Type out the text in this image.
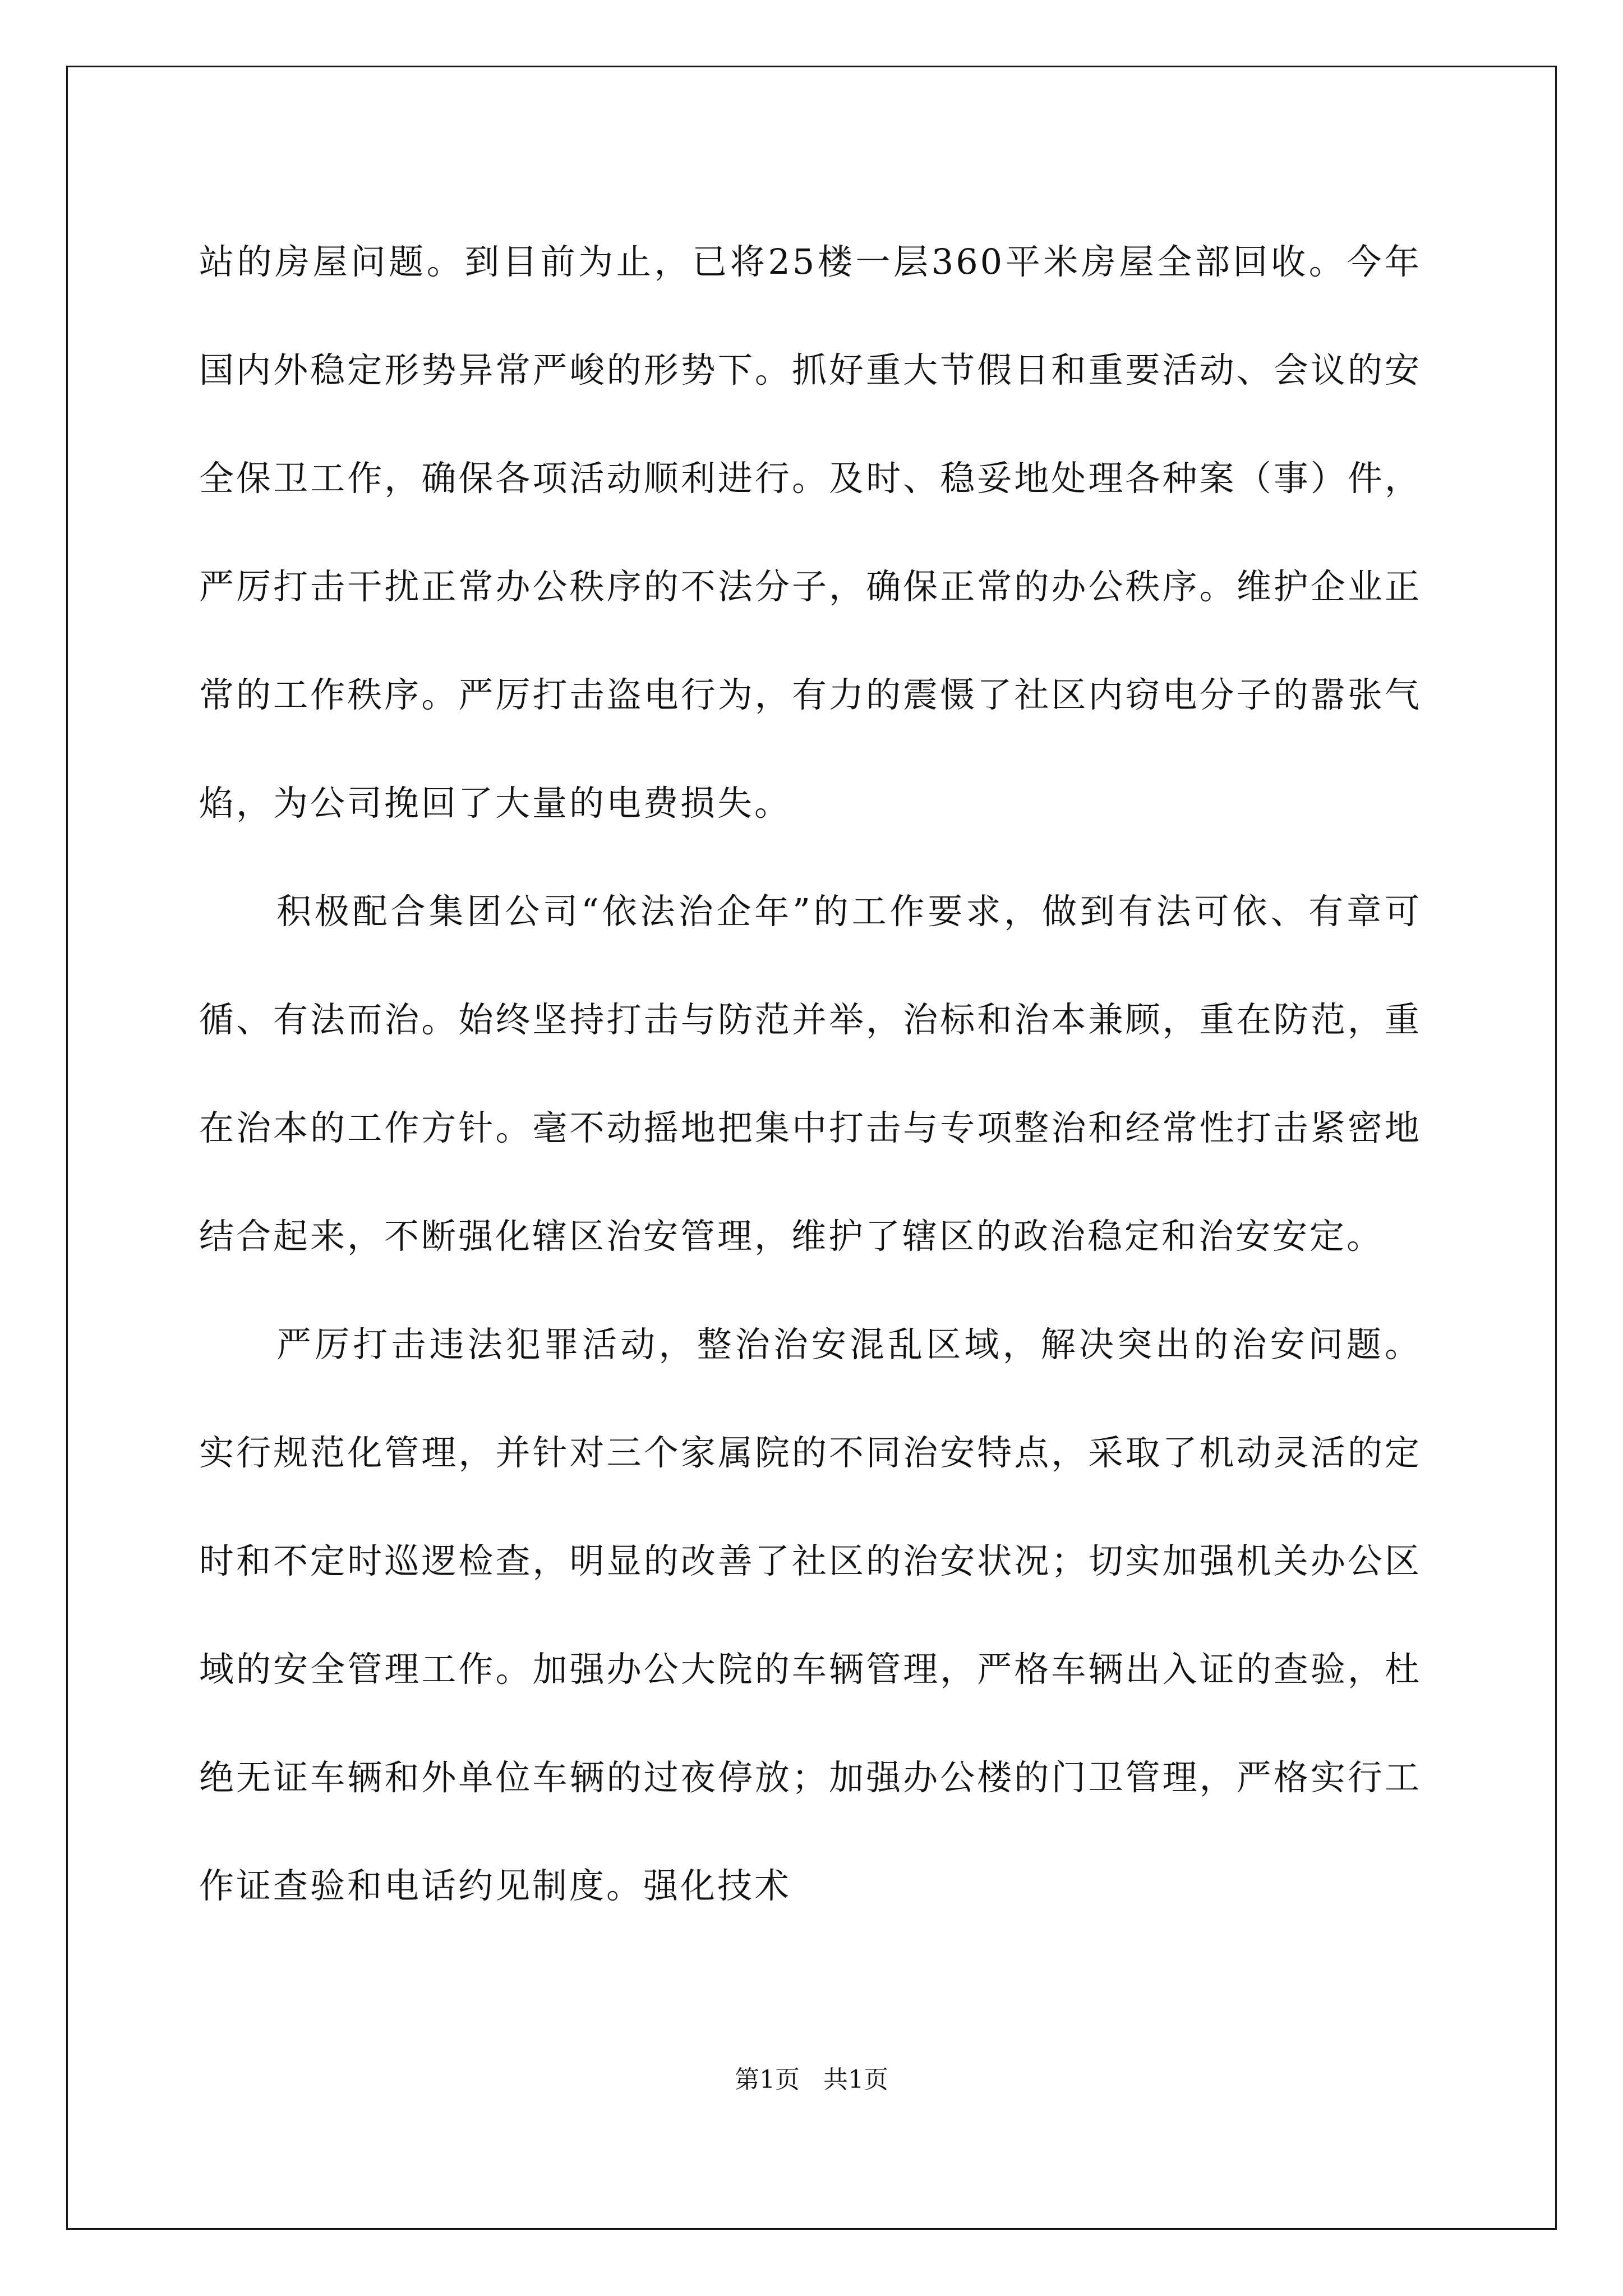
站的房屋问题。到目前为止，已将25楼一层360平米房屋全部回收。今年国内外稳定形势异常严峻的形势下。抓好重大节假日和重要活动、会议的安全保卫工作，确保各项活动顺利进行。及时、稳妥地处理各种案（事）件，严厉打击干扰正常办公秩序的不法分子，确保正常的办公秩序。维护企业正常的工作秩序。严厉打击盗电行为，有力的震慑了社区内窃电分子的嚣张气焰，为公司挽回了大量的电费损失。

积极配合集团公司“依法治企年”的工作要求，做到有法可依、有章可循、有法而治。始终坚持打击与防范并举，治标和治本兼顾，重在防范，重在治本的工作方针。毫不动摇地把集中打击与专项整治和经常性打击紧密地结合起来，不断强化辖区治安管理，维护了辖区的政治稳定和治安安定。

严厉打击违法犯罪活动，整治治安混乱区域，解决突出的治安问题。实行规范化管理，并针对三个家属院的不同治安特点，采取了机动灵活的定时和不定时巡逻检查，明显的改善了社区的治安状况；切实加强机关办公区域的安全管理工作。加强办公大院的车辆管理，严格车辆出入证的查验，杜绝无证车辆和外单位车辆的过夜停放；加强办公楼的门卫管理，严格实行工作证查验和电话约见制度。强化技术

第1页 共1页
